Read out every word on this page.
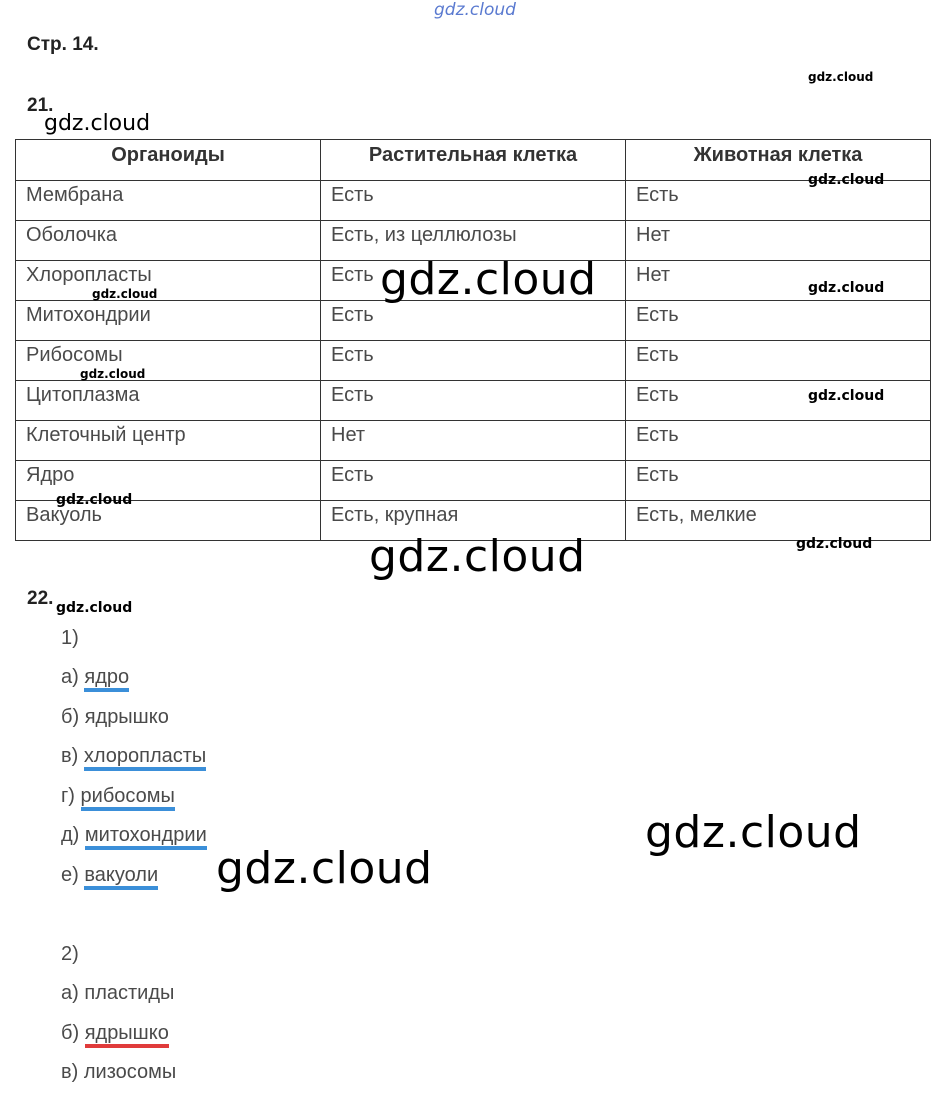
Стр. 14.
21.
Органоиды	Растительная клетка	Животная клетка
Мембрана	Есть	Есть
Оболочка	Есть, из целлюлозы	Нет
Хлоропласты	Есть	Нет
Митохондрии	Есть	Есть
Рибосомы	Есть	Есть
Цитоплазма	Есть	Есть
Клеточный центр	Нет	Есть
Ядро	Есть	Есть
Вакуоль	Есть, крупная	Есть, мелкие
22.
1)
а) ядро
б) ядрышко
в) хлоропласты
г) рибосомы
д) митохондрии
е) вакуоли
2)
а) пластиды
б) ядрышко
в) лизосомы
gdz.cloud
gdz.cloud
gdz.cloud
gdz.cloud
gdz.cloud
gdz.cloud	gdz.cloud
gdz.cloud
gdz.cloud
gdz.cloud
gdz.cloud	gdz.cloud
gdz.cloud
gdz.cloud
gdz.cloud
